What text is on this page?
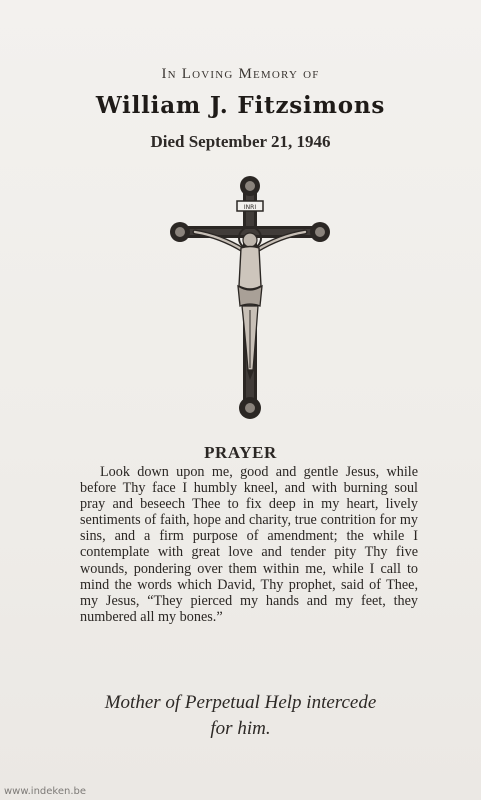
In Loving Memory of
William J. Fitzsimons
Died September 21, 1946
INRI
PRAYER
Look down upon me, good and gentle Jesus, while before Thy face I humbly kneel, and with burning soul pray and beseech Thee to fix deep in my heart, lively sentiments of faith, hope and charity, true contrition for my sins, and a firm purpose of amendment; the while I contemplate with great love and tender pity Thy five wounds, pondering over them within me, while I call to mind the words which David, Thy prophet, said of Thee, my Jesus, “They pierced my hands and my feet, they numbered all my bones.”
Mother of Perpetual Help intercede
for him.
www.indeken.be
